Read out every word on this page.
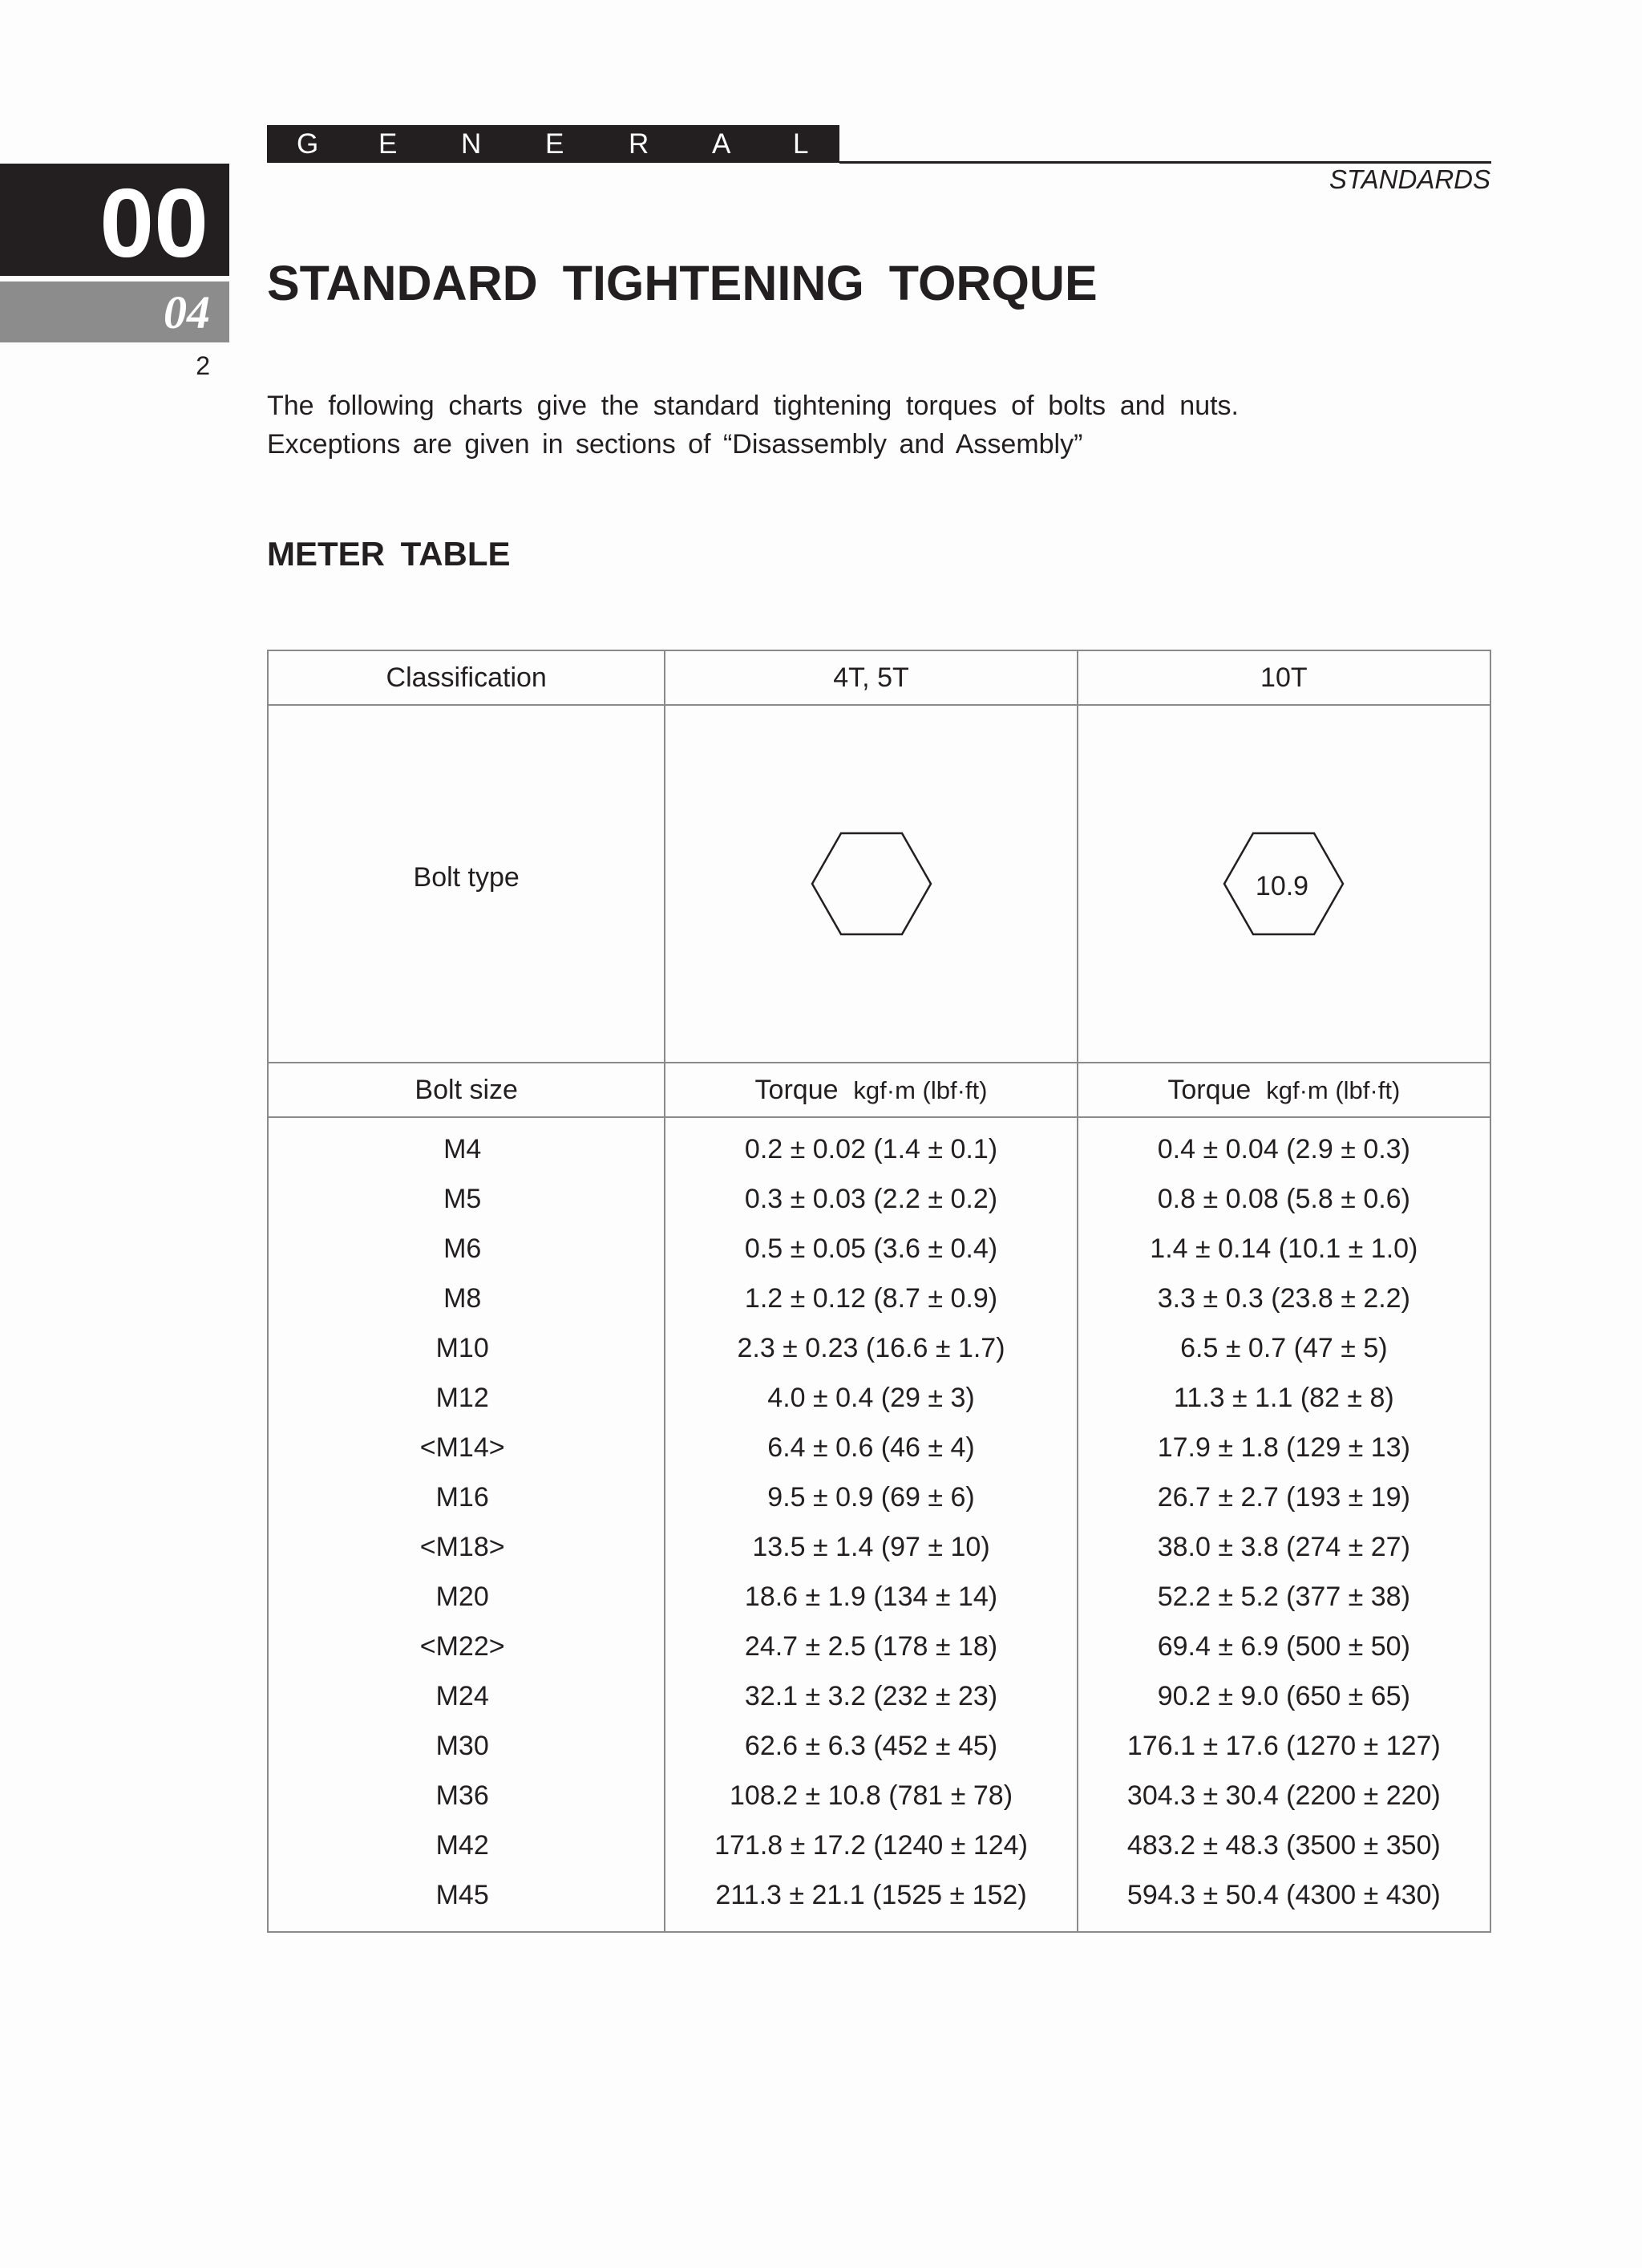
G E N E R A L
STANDARDS
00
04
2
STANDARD TIGHTENING TORQUE

The following charts give the standard tightening torques of bolts and nuts.

Exceptions are given in sections of “Disassembly and Assembly”

METER TABLE
Classification	4T, 5T	10T
Bolt type		10.9

Bolt size	Torque kgf·m (lbf·ft)	Torque kgf·m (lbf·ft)
M4	0.2 ± 0.02 (1.4 ± 0.1)	0.4 ± 0.04 (2.9 ± 0.3)
M5	0.3 ± 0.03 (2.2 ± 0.2)	0.8 ± 0.08 (5.8 ± 0.6)
M6	0.5 ± 0.05 (3.6 ± 0.4)	1.4 ± 0.14 (10.1 ± 1.0)
M8	1.2 ± 0.12 (8.7 ± 0.9)	3.3 ± 0.3 (23.8 ± 2.2)
M10	2.3 ± 0.23 (16.6 ± 1.7)	6.5 ± 0.7 (47 ± 5)
M12	4.0 ± 0.4 (29 ± 3)	11.3 ± 1.1 (82 ± 8)
<M14>	6.4 ± 0.6 (46 ± 4)	17.9 ± 1.8 (129 ± 13)
M16	9.5 ± 0.9 (69 ± 6)	26.7 ± 2.7 (193 ± 19)
<M18>	13.5 ± 1.4 (97 ± 10)	38.0 ± 3.8 (274 ± 27)
M20	18.6 ± 1.9 (134 ± 14)	52.2 ± 5.2 (377 ± 38)
<M22>	24.7 ± 2.5 (178 ± 18)	69.4 ± 6.9 (500 ± 50)
M24	32.1 ± 3.2 (232 ± 23)	90.2 ± 9.0 (650 ± 65)
M30	62.6 ± 6.3 (452 ± 45)	176.1 ± 17.6 (1270 ± 127)
M36	108.2 ± 10.8 (781 ± 78)	304.3 ± 30.4 (2200 ± 220)
M42	171.8 ± 17.2 (1240 ± 124)	483.2 ± 48.3 (3500 ± 350)
M45	211.3 ± 21.1 (1525 ± 152)	594.3 ± 50.4 (4300 ± 430)
